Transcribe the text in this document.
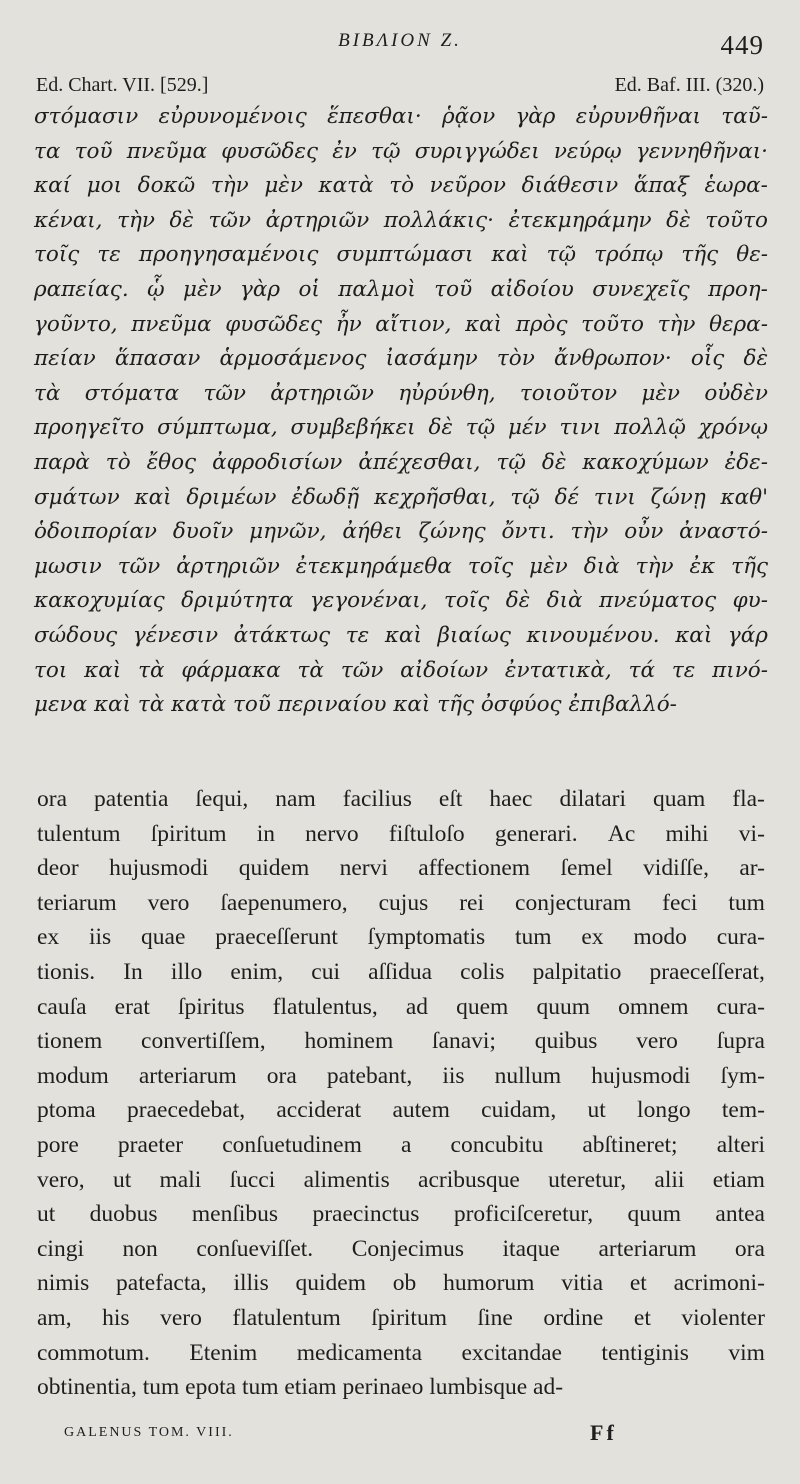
BIBΛΙΟΝ Z.	449
Ed. Chart. VII. [529.]	Ed. Baf. III. (320.)
στόμασιν εὐρυνομένοις ἕπεσθαι· ῥᾷον γὰρ εὐρυνθῆναι ταῦ-
τα τοῦ πνεῦμα φυσῶδες ἐν τῷ συριγγώδει νεύρῳ γεννηθῆναι·
καί μοι δοκῶ τὴν μὲν κατὰ τὸ νεῦρον διάθεσιν ἅπαξ ἑωρα-
κέναι, τὴν δὲ τῶν ἀρτηριῶν πολλάκις· ἐτεκμηράμην δὲ τοῦτο
τοῖς τε προηγησαμένοις συμπτώμασι καὶ τῷ τρόπῳ τῆς θε-
ραπείας. ᾧ μὲν γὰρ οἱ παλμοὶ τοῦ αἰδοίου συνεχεῖς προη-
γοῦντο, πνεῦμα φυσῶδες ἦν αἴτιον, καὶ πρὸς τοῦτο τὴν θερα-
πείαν ἅπασαν ἁρμοσάμενος ἰασάμην τὸν ἄνθρωπον· οἷς δὲ
τὰ στόματα τῶν ἀρτηριῶν ηὐρύνθη, τοιοῦτον μὲν οὐδὲν
προηγεῖτο σύμπτωμα, συμβεβήκει δὲ τῷ μέν τινι πολλῷ χρόνῳ
παρὰ τὸ ἔθος ἀφροδισίων ἀπέχεσθαι, τῷ δὲ κακοχύμων ἐδε-
σμάτων καὶ δριμέων ἐδωδῇ κεχρῆσθαι, τῷ δέ τινι ζώνῃ καθ'
ὁδοιπορίαν δυοῖν μηνῶν, ἀήθει ζώνης ὄντι. τὴν οὖν ἀναστό-
μωσιν τῶν ἀρτηριῶν ἐτεκμηράμεθα τοῖς μὲν διὰ τὴν ἐκ τῆς
κακοχυμίας δριμύτητα γεγονέναι, τοῖς δὲ διὰ πνεύματος φυ-
σώδους γένεσιν ἀτάκτως τε καὶ βιαίως κινουμένου. καὶ γάρ
τοι καὶ τὰ φάρμακα τὰ τῶν αἰδοίων ἐντατικὰ, τά τε πινό-
μενα καὶ τὰ κατὰ τοῦ περιναίου καὶ τῆς ὀσφύος ἐπιβαλλό-
ora patentia ſequi, nam facilius eſt haec dilatari quam fla-
tulentum ſpiritum in nervo fiſtuloſo generari. Ac mihi vi-
deor hujusmodi quidem nervi affectionem ſemel vidiſſe, ar-
teriarum vero ſaepenumero, cujus rei conjecturam feci tum
ex iis quae praeceſſerunt ſymptomatis tum ex modo cura-
tionis. In illo enim, cui aſſidua colis palpitatio praeceſſerat,
cauſa erat ſpiritus flatulentus, ad quem quum omnem cura-
tionem convertiſſem, hominem ſanavi; quibus vero ſupra
modum arteriarum ora patebant, iis nullum hujusmodi ſym-
ptoma praecedebat, acciderat autem cuidam, ut longo tem-
pore praeter conſuetudinem a concubitu abſtineret; alteri
vero, ut mali ſucci alimentis acribusque uteretur, alii etiam
ut duobus menſibus praecinctus proficiſceretur, quum antea
cingi non conſueviſſet. Conjecimus itaque arteriarum ora
nimis patefacta, illis quidem ob humorum vitia et acrimoni-
am, his vero flatulentum ſpiritum ſine ordine et violenter
commotum. Etenim medicamenta excitandae tentiginis vim
obtinentia, tum epota tum etiam perinaeo lumbisque ad-
GALENUS TOM. VIII.	Ff
